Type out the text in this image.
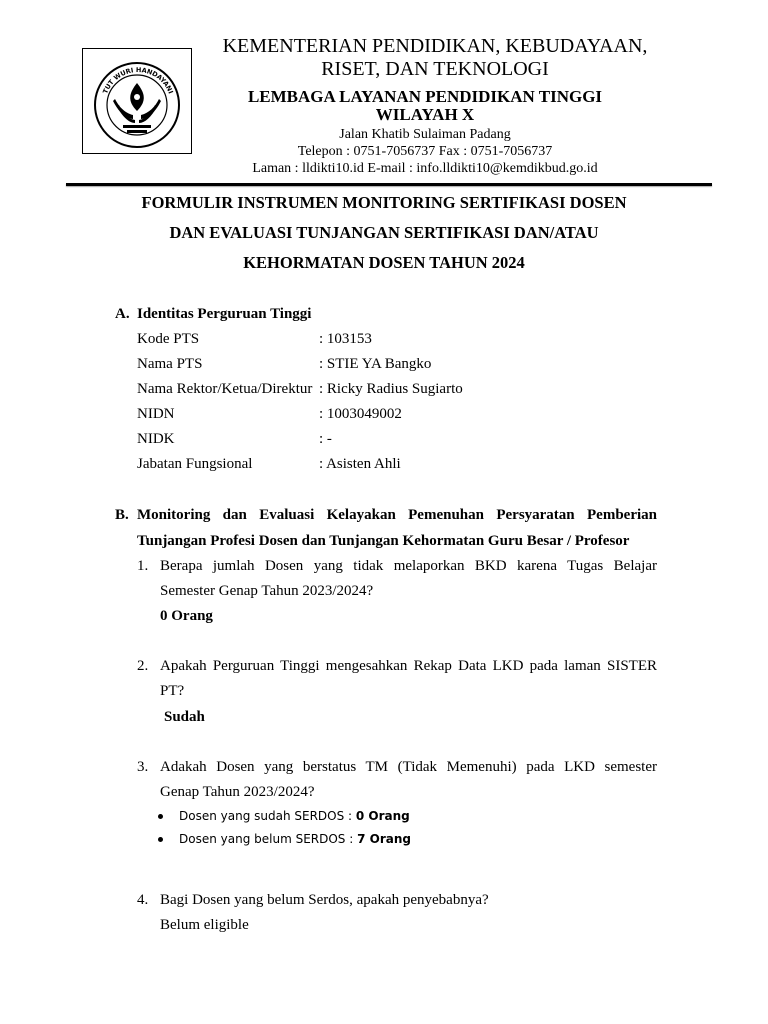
TUT WURI HANDAYANI
KEMENTERIAN PENDIDIKAN, KEBUDAYAAN,
RISET, DAN TEKNOLOGI
LEMBAGA LAYANAN PENDIDIKAN TINGGI
WILAYAH X
Jalan Khatib Sulaiman Padang
Telepon : 0751-7056737 Fax : 0751-7056737
Laman : lldikti10.id E-mail : info.lldikti10@kemdikbud.go.id
FORMULIR INSTRUMEN MONITORING SERTIFIKASI DOSEN
DAN EVALUASI TUNJANGAN SERTIFIKASI DAN/ATAU
KEHORMATAN DOSEN TAHUN 2024
A. Identitas Perguruan Tinggi
Kode PTS	: 103153
Nama PTS	: STIE YA Bangko
Nama Rektor/Ketua/Direktur : Ricky Radius Sugiarto
NIDN	: 1003049002
NIDK	: -
Jabatan Fungsional	: Asisten Ahli
B. Monitoring dan Evaluasi Kelayakan Pemenuhan Persyaratan Pemberian
Tunjangan Profesi Dosen dan Tunjangan Kehormatan Guru Besar / Profesor
1. Berapa jumlah Dosen yang tidak melaporkan BKD karena Tugas Belajar
Semester Genap Tahun 2023/2024?
0 Orang
2. Apakah Perguruan Tinggi mengesahkan Rekap Data LKD pada laman SISTER
PT?
Sudah
3. Adakah Dosen yang berstatus TM (Tidak Memenuhi) pada LKD semester
Genap Tahun 2023/2024?
Dosen yang sudah SERDOS : 0 Orang
Dosen yang belum SERDOS : 7 Orang
4. Bagi Dosen yang belum Serdos, apakah penyebabnya?
Belum eligible
